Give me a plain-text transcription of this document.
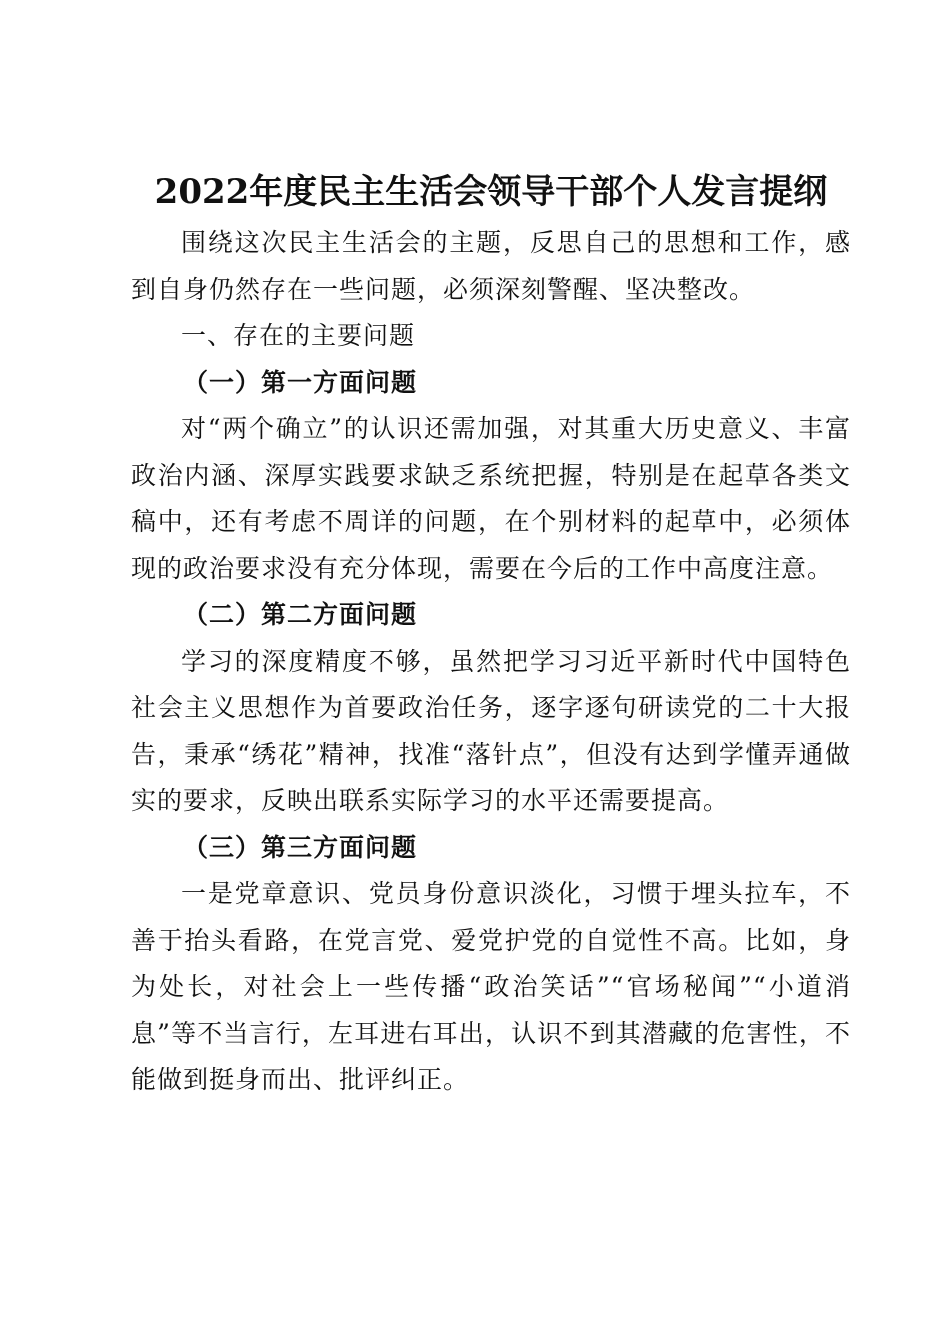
2022年度民主生活会领导干部个人发言提纲

围绕这次民主生活会的主题，反思自己的思想和工作，感到自身仍然存在一些问题，必须深刻警醒、坚决整改。

一、存在的主要问题

（一）第一方面问题

对“两个确立”的认识还需加强，对其重大历史意义、丰富政治内涵、深厚实践要求缺乏系统把握，特别是在起草各类文稿中，还有考虑不周详的问题，在个别材料的起草中，必须体现的政治要求没有充分体现，需要在今后的工作中高度注意。

（二）第二方面问题

学习的深度精度不够，虽然把学习习近平新时代中国特色社会主义思想作为首要政治任务，逐字逐句研读党的二十大报告，秉承“绣花”精神，找准“落针点”，但没有达到学懂弄通做实的要求，反映出联系实际学习的水平还需要提高。

（三）第三方面问题

一是党章意识、党员身份意识淡化，习惯于埋头拉车，不善于抬头看路，在党言党、爱党护党的自觉性不高。比如，身为处长，对社会上一些传播“政治笑话”“官场秘闻”“小道消息”等不当言行，左耳进右耳出，认识不到其潜藏的危害性，不能做到挺身而出、批评纠正。
